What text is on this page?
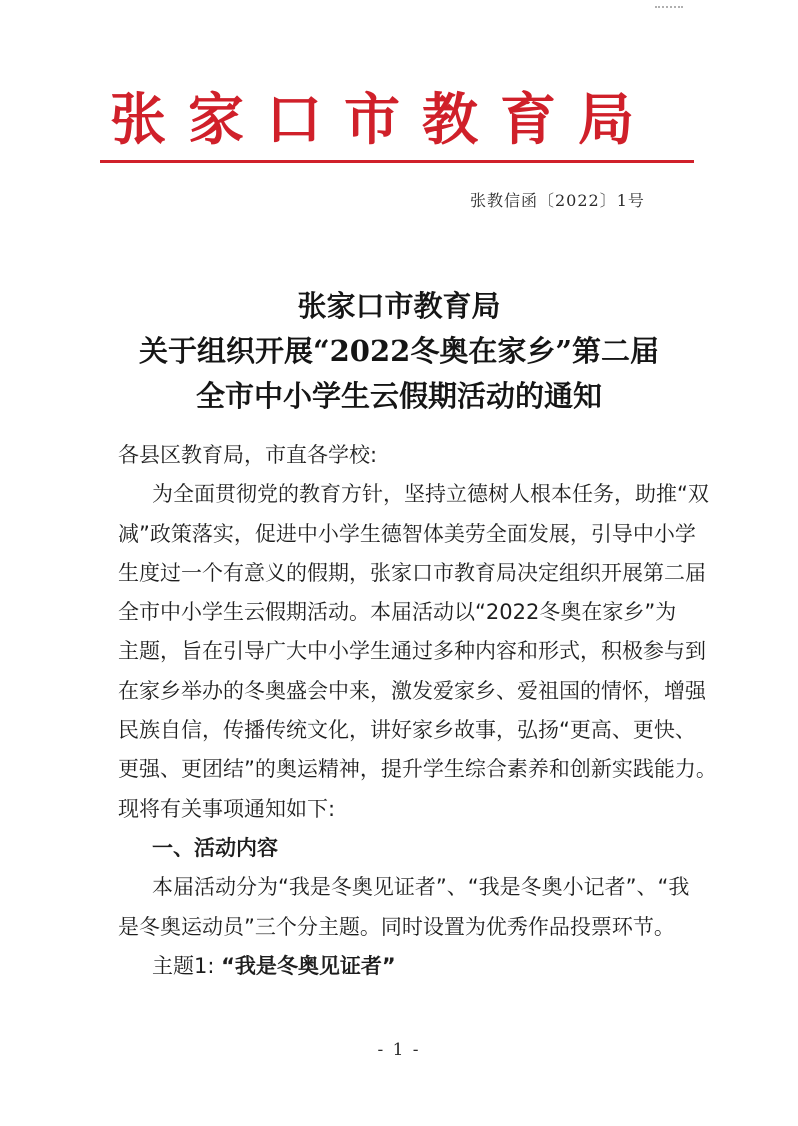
张家口市教育局
张教信函〔2022〕1号
张家口市教育局
关于组织开展“2022冬奥在家乡”第二届
全市中小学生云假期活动的通知
各县区教育局，市直各学校:
为全面贯彻党的教育方针，坚持立德树人根本任务，助推“双
减”政策落实，促进中小学生德智体美劳全面发展，引导中小学
生度过一个有意义的假期，张家口市教育局决定组织开展第二届
全市中小学生云假期活动。本届活动以“2022冬奥在家乡”为
主题，旨在引导广大中小学生通过多种内容和形式，积极参与到
在家乡举办的冬奥盛会中来，激发爱家乡、爱祖国的情怀，增强
民族自信，传播传统文化，讲好家乡故事，弘扬“更高、更快、
更强、更团结”的奥运精神，提升学生综合素养和创新实践能力。
现将有关事项通知如下:
一、活动内容
本届活动分为“我是冬奥见证者”、“我是冬奥小记者”、“我
是冬奥运动员”三个分主题。同时设置为优秀作品投票环节。
主题1: “我是冬奥见证者”
- 1 -
